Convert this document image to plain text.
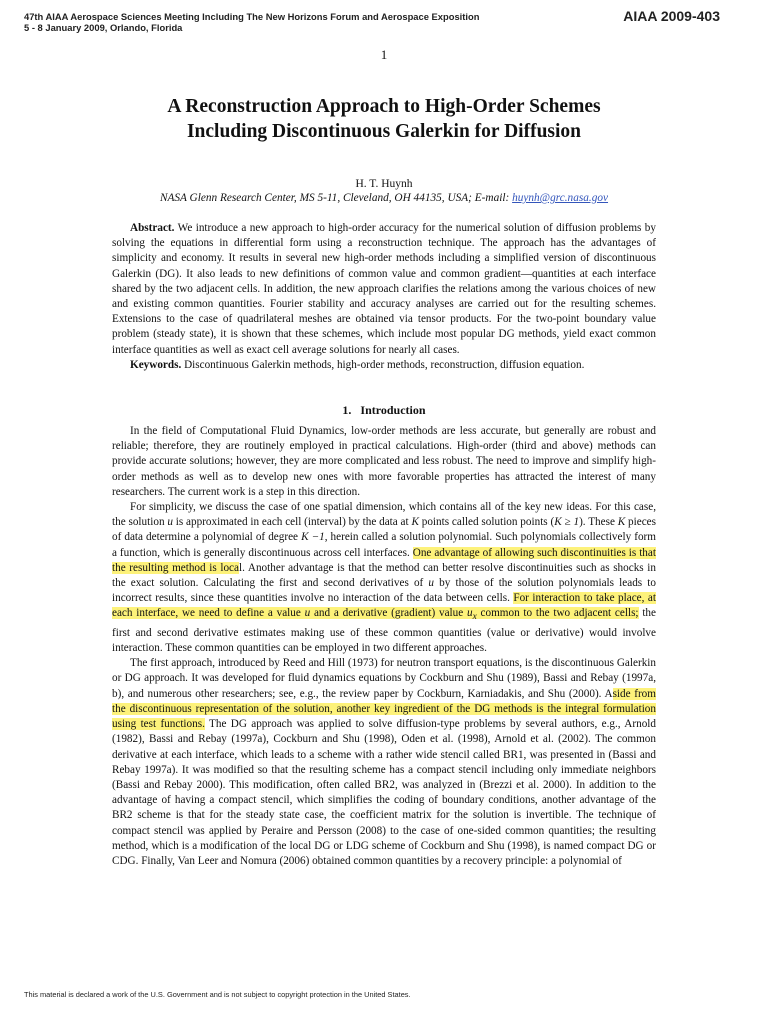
47th AIAA Aerospace Sciences Meeting Including The New Horizons Forum and Aerospace Exposition
5 - 8 January 2009, Orlando, Florida
AIAA 2009-403
1
A Reconstruction Approach to High-Order Schemes
Including Discontinuous Galerkin for Diffusion
H. T. Huynh
NASA Glenn Research Center, MS 5-11, Cleveland, OH 44135, USA; E-mail: huynh@grc.nasa.gov

Abstract. We introduce a new approach to high-order accuracy for the numerical solution of diffusion problems by solving the equations in differential form using a reconstruction technique. The approach has the advantages of simplicity and economy. It results in several new high-order methods including a simplified version of discontinuous Galerkin (DG). It also leads to new definitions of common value and common gradient—quantities at each interface shared by the two adjacent cells. In addition, the new approach clarifies the relations among the various choices of new and existing common quantities. Fourier stability and accuracy analyses are carried out for the resulting schemes. Extensions to the case of quadrilateral meshes are obtained via tensor products. For the two-point boundary value problem (steady state), it is shown that these schemes, which include most popular DG methods, yield exact common interface quantities as well as exact cell average solutions for nearly all cases.

Keywords. Discontinuous Galerkin methods, high-order methods, reconstruction, diffusion equation.

1. Introduction

In the field of Computational Fluid Dynamics, low-order methods are less accurate, but generally are robust and reliable; therefore, they are routinely employed in practical calculations. High-order (third and above) methods can provide accurate solutions; however, they are more complicated and less robust. The need to improve and simplify high-order methods as well as to develop new ones with more favorable properties has attracted the interest of many researchers. The current work is a step in this direction.

For simplicity, we discuss the case of one spatial dimension, which contains all of the key new ideas. For this case, the solution u is approximated in each cell (interval) by the data at K points called solution points (K ≥ 1). These K pieces of data determine a polynomial of degree K −1, herein called a solution polynomial. Such polynomials collectively form a function, which is generally discontinuous across cell interfaces. One advantage of allowing such discontinuities is that the resulting method is local. Another advantage is that the method can better resolve discontinuities such as shocks in the exact solution. Calculating the first and second derivatives of u by those of the solution polynomials leads to incorrect results, since these quantities involve no interaction of the data between cells. For interaction to take place, at each interface, we need to define a value u and a derivative (gradient) value $u_x$ common to the two adjacent cells; the first and second derivative estimates making use of these common quantities (value or derivative) would involve interaction. These common quantities can be employed in two different approaches.

The first approach, introduced by Reed and Hill (1973) for neutron transport equations, is the discontinuous Galerkin or DG approach. It was developed for fluid dynamics equations by Cockburn and Shu (1989), Bassi and Rebay (1997a, b), and numerous other researchers; see, e.g., the review paper by Cockburn, Karniadakis, and Shu (2000). Aside from the discontinuous representation of the solution, another key ingredient of the DG methods is the integral formulation using test functions. The DG approach was applied to solve diffusion-type problems by several authors, e.g., Arnold (1982), Bassi and Rebay (1997a), Cockburn and Shu (1998), Oden et al. (1998), Arnold et al. (2002). The common derivative at each interface, which leads to a scheme with a rather wide stencil called BR1, was presented in (Bassi and Rebay 1997a). It was modified so that the resulting scheme has a compact stencil including only immediate neighbors (Bassi and Rebay 2000). This modification, often called BR2, was analyzed in (Brezzi et al. 2000). In addition to the advantage of having a compact stencil, which simplifies the coding of boundary conditions, another advantage of the BR2 scheme is that for the steady state case, the coefficient matrix for the solution is invertible. The technique of compact stencil was applied by Peraire and Persson (2008) to the case of one-sided common quantities; the resulting method, which is a modification of the local DG or LDG scheme of Cockburn and Shu (1998), is named compact DG or CDG. Finally, Van Leer and Nomura (2006) obtained common quantities by a recovery principle: a polynomial of

This material is declared a work of the U.S. Government and is not subject to copyright protection in the United States.
